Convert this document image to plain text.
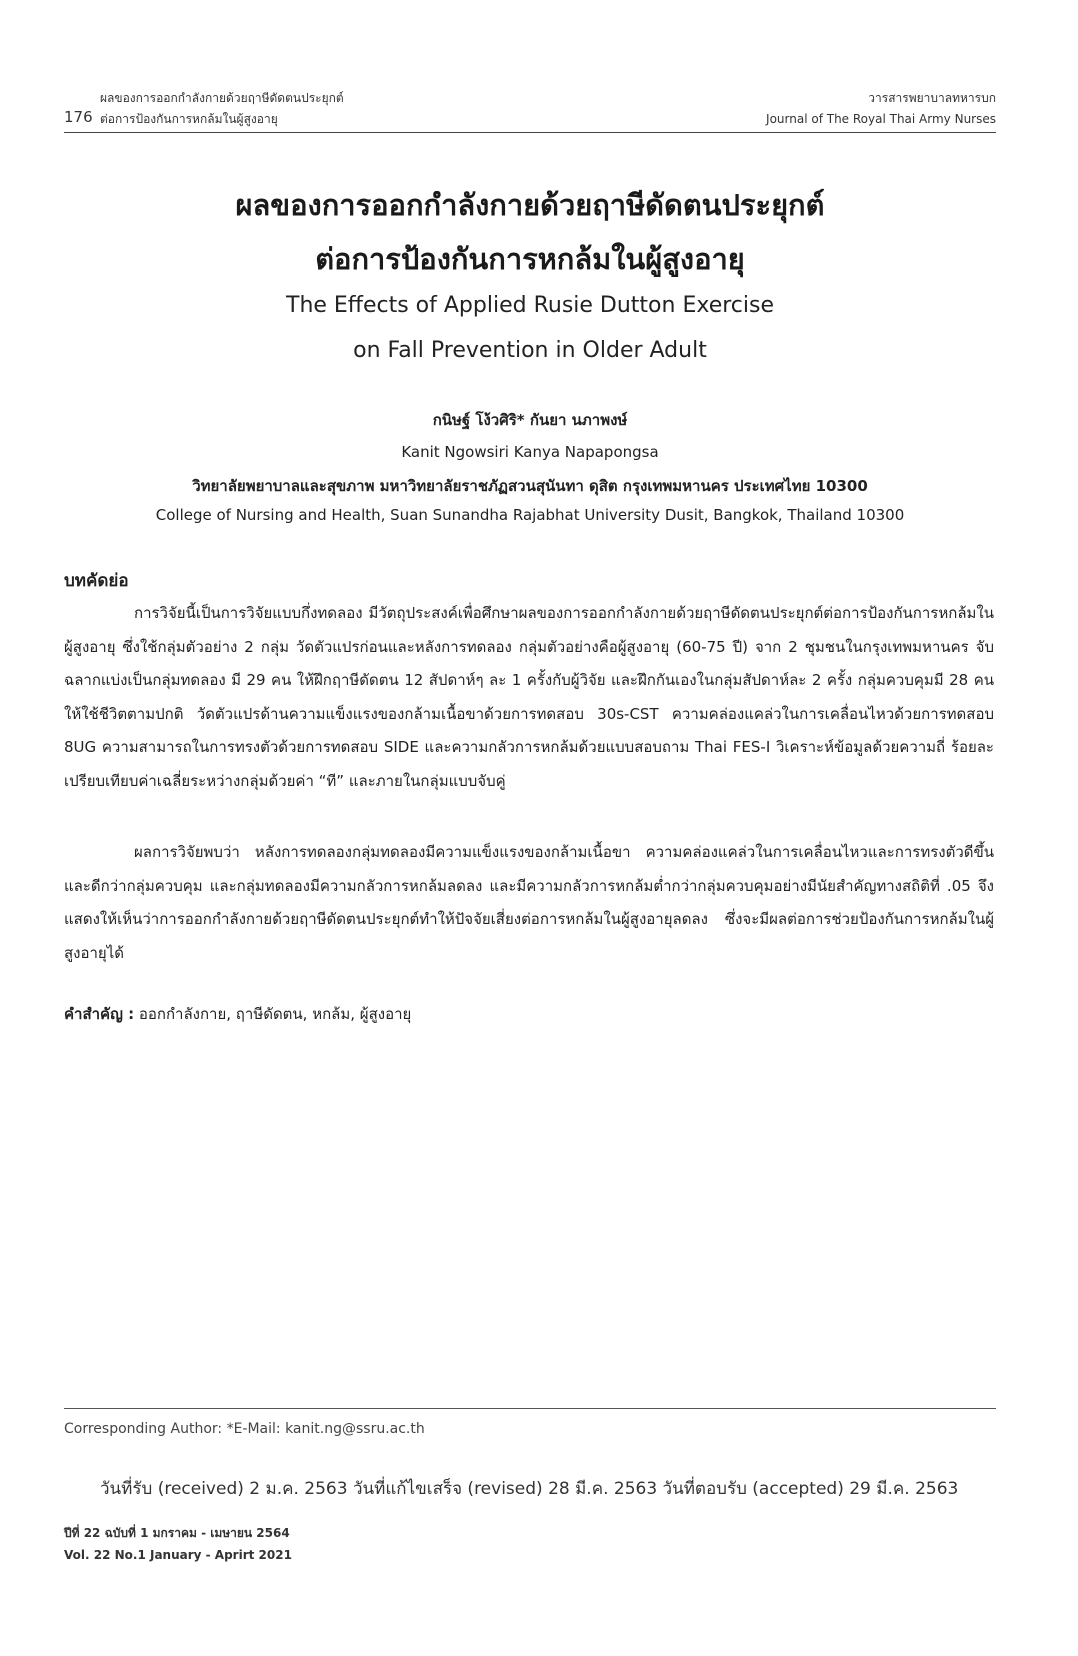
176
ผลของการออกกำลังกายด้วยฤาษีดัดตนประยุกต์
ต่อการป้องกันการหกล้มในผู้สูงอายุ
วารสารพยาบาลทหารบก
Journal of The Royal Thai Army Nurses
ผลของการออกกำลังกายด้วยฤาษีดัดตนประยุกต์
ต่อการป้องกันการหกล้มในผู้สูงอายุ
The Effects of Applied Rusie Dutton Exercise
on Fall Prevention in Older Adult
กนิษฐ์ โง้วศิริ* กันยา นภาพงษ์
Kanit Ngowsiri Kanya Napapongsa
วิทยาลัยพยาบาลและสุขภาพ มหาวิทยาลัยราชภัฏสวนสุนันทา ดุสิต กรุงเทพมหานคร ประเทศไทย 10300
College of Nursing and Health, Suan Sunandha Rajabhat University Dusit, Bangkok, Thailand 10300
บทคัดย่อ

การวิจัยนี้เป็นการวิจัยแบบกึ่งทดลอง มีวัตถุประสงค์เพื่อศึกษาผลของการออกกำลังกายด้วยฤาษีดัดตนประยุกต์ต่อการป้องกันการหกล้มในผู้สูงอายุ ซึ่งใช้กลุ่มตัวอย่าง 2 กลุ่ม วัดตัวแปรก่อนและหลังการทดลอง กลุ่มตัวอย่างคือผู้สูงอายุ (60-75 ปี) จาก 2 ชุมชนในกรุงเทพมหานคร จับฉลากแบ่งเป็นกลุ่มทดลอง มี 29 คน ให้ฝึกฤาษีดัดตน 12 สัปดาห์ๆ ละ 1 ครั้งกับผู้วิจัย และฝึกกันเองในกลุ่มสัปดาห์ละ 2 ครั้ง กลุ่มควบคุมมี 28 คน ให้ใช้ชีวิตตามปกติ วัดตัวแปรด้านความแข็งแรงของกล้ามเนื้อขาด้วยการทดสอบ 30s-CST ความคล่องแคล่วในการเคลื่อนไหวด้วยการทดสอบ 8UG ความสามารถในการทรงตัวด้วยการทดสอบ SIDE และความกลัวการหกล้มด้วยแบบสอบถาม Thai FES-I วิเคราะห์ข้อมูลด้วยความถี่ ร้อยละ เปรียบเทียบค่าเฉลี่ยระหว่างกลุ่มด้วยค่า “ที” และภายในกลุ่มแบบจับคู่

ผลการวิจัยพบว่า หลังการทดลองกลุ่มทดลองมีความแข็งแรงของกล้ามเนื้อขา ความคล่องแคล่วในการเคลื่อนไหวและการทรงตัวดีขึ้น และดีกว่ากลุ่มควบคุม และกลุ่มทดลองมีความกลัวการหกล้มลดลง และมีความกลัวการหกล้มต่ำกว่ากลุ่มควบคุมอย่างมีนัยสำคัญทางสถิติที่ .05 จึงแสดงให้เห็นว่าการออกกำลังกายด้วยฤาษีดัดตนประยุกต์ทำให้ปัจจัยเสี่ยงต่อการหกล้มในผู้สูงอายุลดลง ซึ่งจะมีผลต่อการช่วยป้องกันการหกล้มในผู้สูงอายุได้

คำสำคัญ : ออกกำลังกาย, ฤาษีดัดตน, หกล้ม, ผู้สูงอายุ
Corresponding Author: *E-Mail: kanit.ng@ssru.ac.th
วันที่รับ (received) 2 ม.ค. 2563 วันที่แก้ไขเสร็จ (revised) 28 มี.ค. 2563 วันที่ตอบรับ (accepted) 29 มี.ค. 2563
ปีที่ 22 ฉบับที่ 1 มกราคม - เมษายน 2564
Vol. 22 No.1 January - Aprirt 2021
